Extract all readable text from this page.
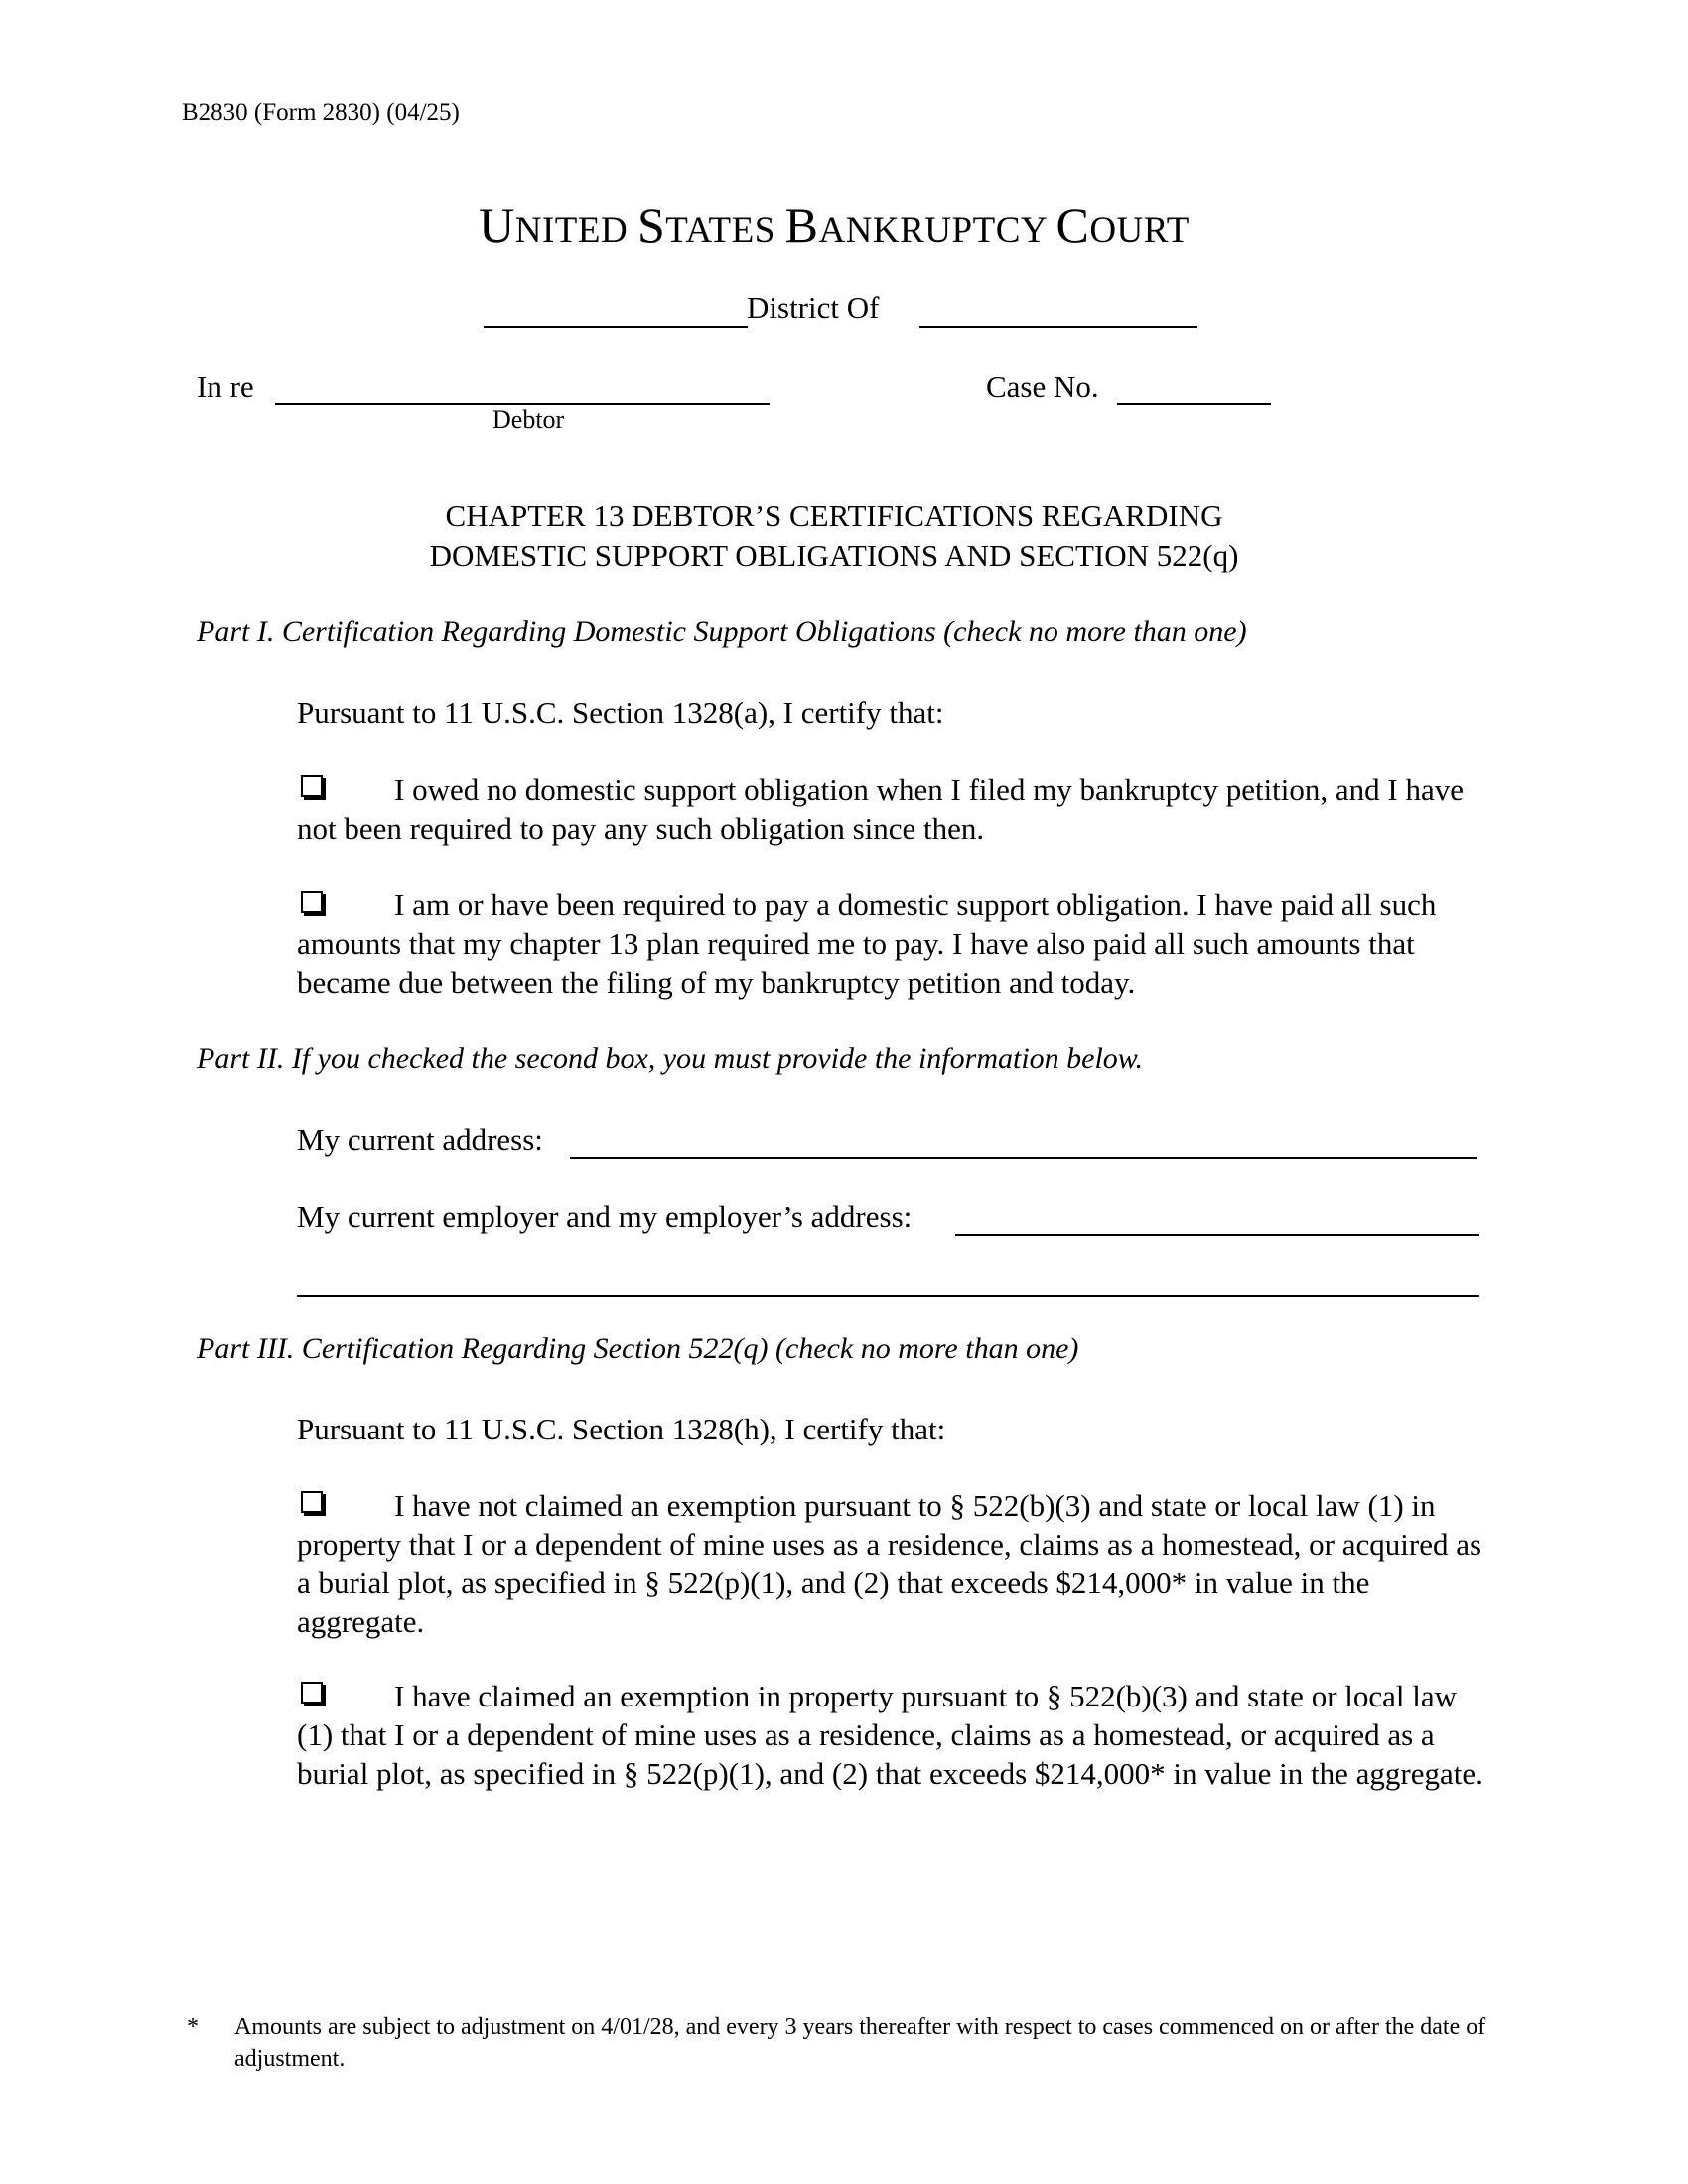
B2830 (Form 2830) (04/25)
UNITED STATES BANKRUPTCY COURT
District Of
In re
Debtor
Case No.
CHAPTER 13 DEBTOR’S CERTIFICATIONS REGARDING
DOMESTIC SUPPORT OBLIGATIONS AND SECTION 522(q)
Part I. Certification Regarding Domestic Support Obligations (check no more than one)
Pursuant to 11 U.S.C. Section 1328(a), I certify that:
I owed no domestic support obligation when I filed my bankruptcy petition, and I have not been required to pay any such obligation since then.
I am or have been required to pay a domestic support obligation. I have paid all such amounts that my chapter 13 plan required me to pay. I have also paid all such amounts that became due between the filing of my bankruptcy petition and today.
Part II. If you checked the second box, you must provide the information below.
My current address:
My current employer and my employer’s address:
Part III. Certification Regarding Section 522(q) (check no more than one)
Pursuant to 11 U.S.C. Section 1328(h), I certify that:
I have not claimed an exemption pursuant to § 522(b)(3) and state or local law (1) in property that I or a dependent of mine uses as a residence, claims as a homestead, or acquired as a burial plot, as specified in § 522(p)(1), and (2) that exceeds $214,000* in value in the aggregate.
I have claimed an exemption in property pursuant to § 522(b)(3) and state or local law (1) that I or a dependent of mine uses as a residence, claims as a homestead, or acquired as a burial plot, as specified in § 522(p)(1), and (2) that exceeds $214,000* in value in the aggregate.
* Amounts are subject to adjustment on 4/01/28, and every 3 years thereafter with respect to cases commenced on or after the date of adjustment.
